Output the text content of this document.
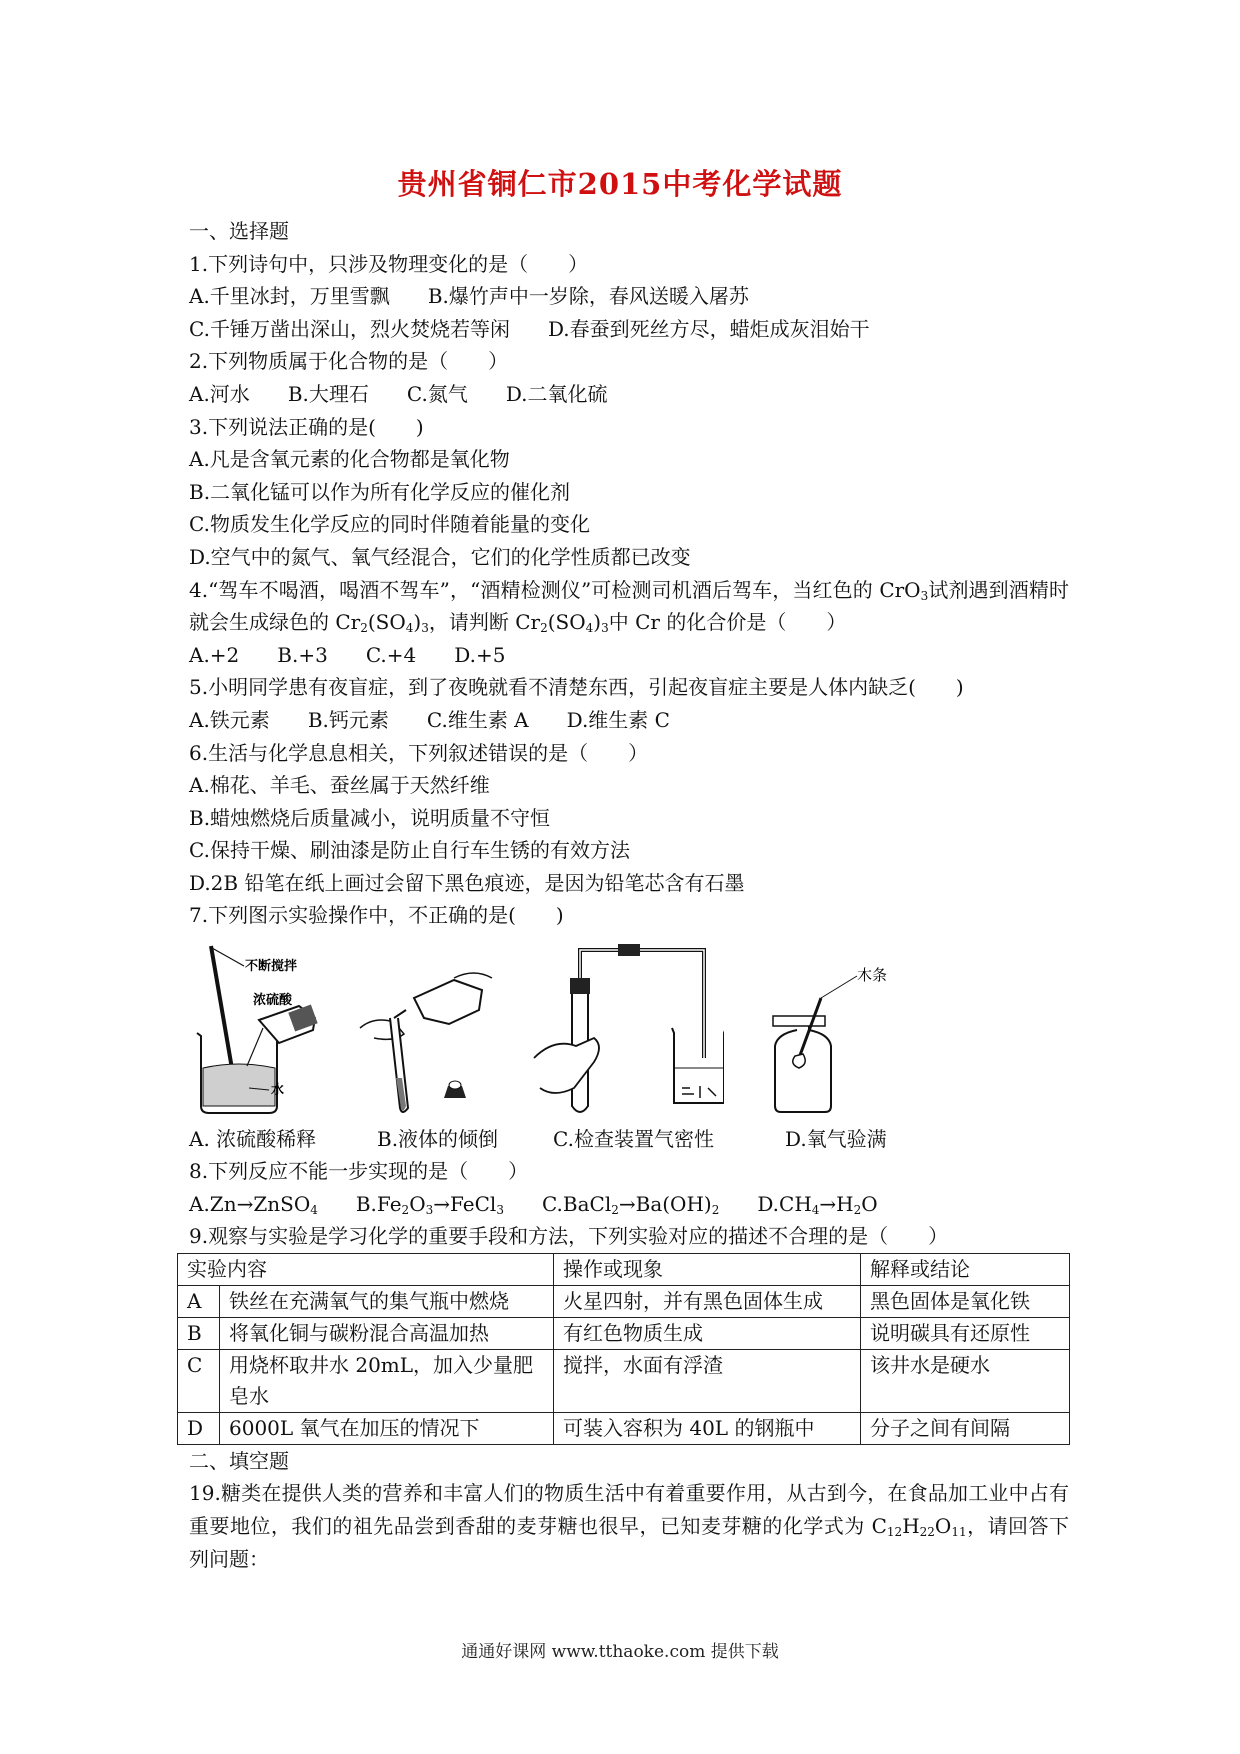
贵州省铜仁市2015中考化学试题
一、选择题
1.下列诗句中，只涉及物理变化的是（　　）
A.千里冰封，万里雪飘 B.爆竹声中一岁除，春风送暖入屠苏
C.千锤万凿出深山，烈火焚烧若等闲 D.春蚕到死丝方尽，蜡炬成灰泪始干
2.下列物质属于化合物的是（　　）
A.河水 B.大理石 C.氮气 D.二氧化硫
3.下列说法正确的是(　　)
A.凡是含氧元素的化合物都是氧化物
B.二氧化锰可以作为所有化学反应的催化剂
C.物质发生化学反应的同时伴随着能量的变化
D.空气中的氮气、氧气经混合，它们的化学性质都已改变
4.“驾车不喝酒，喝酒不驾车”，“酒精检测仪”可检测司机酒后驾车，当红色的 CrO$_3$试剂遇到酒精时就会生成绿色的 $Cr_2(SO_4)_3$，请判断 $Cr_2(SO_4)_3$中 Cr 的化合价是（　　）
A.+2 B.+3 C.+4 D.+5
5.小明同学患有夜盲症，到了夜晚就看不清楚东西，引起夜盲症主要是人体内缺乏(　　)
A.铁元素 B.钙元素 C.维生素 A D.维生素 C
6.生活与化学息息相关，下列叙述错误的是（　　）
A.棉花、羊毛、蚕丝属于天然纤维
B.蜡烛燃烧后质量减小，说明质量不守恒
C.保持干燥、刷油漆是防止自行车生锈的有效方法
D.2B 铅笔在纸上画过会留下黑色痕迹，是因为铅笔芯含有石墨
7.下列图示实验操作中，不正确的是(　　)
不断搅拌
浓硫酸
水
木条
A. 浓硫酸稀释	B.液体的倾倒	C.检查装置气密性	D.氧气验满
8.下列反应不能一步实现的是（　　）
A.Zn→ZnSO$_4$ $B.Fe_2O_3\to FeCl_3$ $C.BaCl_2\to Ba(OH)_2$ $D.CH_4\to H_2O$
9.观察与实验是学习化学的重要手段和方法，下列实验对应的描述不合理的是（　　）
实验内容		操作或现象	解释或结论
A	铁丝在充满氧气的集气瓶中燃烧	火星四射，并有黑色固体生成	黑色固体是氧化铁
B	将氧化铜与碳粉混合高温加热	有红色物质生成	说明碳具有还原性
C	用烧杯取井水 20mL，加入少量肥皂水	搅拌，水面有浮渣	该井水是硬水
D	6000L 氧气在加压的情况下	可装入容积为 40L 的钢瓶中	分子之间有间隔
二、填空题
19.糖类在提供人类的营养和丰富人们的物质生活中有着重要作用，从古到今，在食品加工业中占有重要地位，我们的祖先品尝到香甜的麦芽糖也很早，已知麦芽糖的化学式为 $C_{12}H_{22}O_{11}$，请回答下列问题：
通通好课网 www.tthaoke.com 提供下载
